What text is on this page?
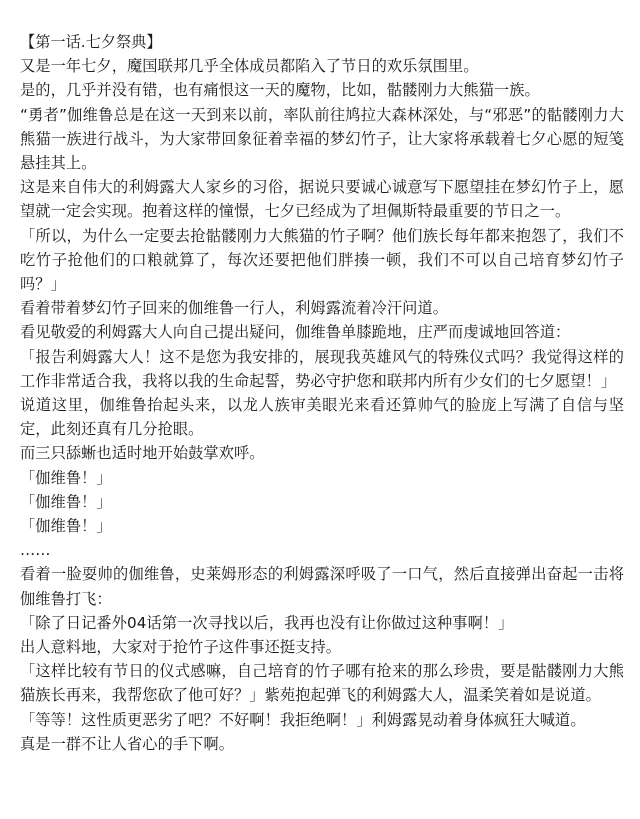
【第一话.七夕祭典】

又是一年七夕，魔国联邦几乎全体成员都陷入了节日的欢乐氛围里。

是的，几乎并没有错，也有痛恨这一天的魔物，比如，骷髅刚力大熊猫一族。

“勇者”伽维鲁总是在这一天到来以前，率队前往鸠拉大森林深处，与“邪恶”的骷髅刚力大熊猫一族进行战斗，为大家带回象征着幸福的梦幻竹子，让大家将承载着七夕心愿的短笺悬挂其上。

这是来自伟大的利姆露大人家乡的习俗，据说只要诚心诚意写下愿望挂在梦幻竹子上，愿望就一定会实现。抱着这样的憧憬，七夕已经成为了坦佩斯特最重要的节日之一。

「所以，为什么一定要去抢骷髅刚力大熊猫的竹子啊？他们族长每年都来抱怨了，我们不吃竹子抢他们的口粮就算了，每次还要把他们胖揍一顿，我们不可以自己培育梦幻竹子吗？」

看着带着梦幻竹子回来的伽维鲁一行人，利姆露流着冷汗问道。

看见敬爱的利姆露大人向自己提出疑问，伽维鲁单膝跪地，庄严而虔诚地回答道：

「报告利姆露大人！这不是您为我安排的，展现我英雄风气的特殊仪式吗？我觉得这样的工作非常适合我，我将以我的生命起誓，势必守护您和联邦内所有少女们的七夕愿望！」

说道这里，伽维鲁抬起头来，以龙人族审美眼光来看还算帅气的脸庞上写满了自信与坚定，此刻还真有几分抢眼。

而三只舔蜥也适时地开始鼓掌欢呼。

「伽维鲁！」

「伽维鲁！」

「伽维鲁！」

……

看着一脸耍帅的伽维鲁，史莱姆形态的利姆露深呼吸了一口气，然后直接弹出奋起一击将伽维鲁打飞：

「除了日记番外04话第一次寻找以后，我再也没有让你做过这种事啊！」

出人意料地，大家对于抢竹子这件事还挺支持。

「这样比较有节日的仪式感嘛，自己培育的竹子哪有抢来的那么珍贵，要是骷髅刚力大熊猫族长再来，我帮您砍了他可好？」紫苑抱起弹飞的利姆露大人，温柔笑着如是说道。

「等等！这性质更恶劣了吧？不好啊！我拒绝啊！」利姆露晃动着身体疯狂大喊道。

真是一群不让人省心的手下啊。
